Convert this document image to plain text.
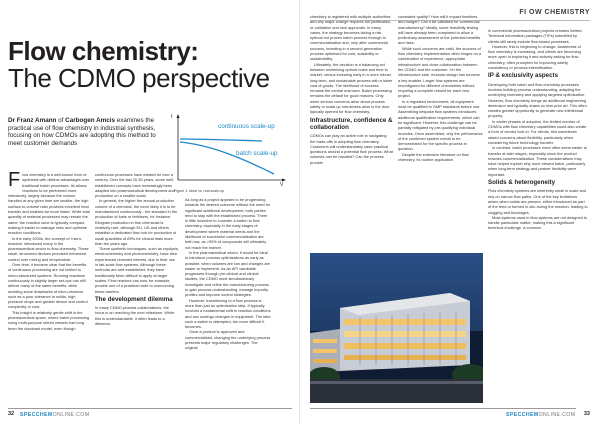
FI OW CHEMISTRY
Flow chemistry:
The CDMO perspective
Dr Franz Amann of Carbogen Amcis examines the practical use of flow chemistry in industrial synthesis, focusing on how CDMOs are adopting this method to meet customer demands
t
V
continuous scale-up
batch scale-up
Figure 1: Ideal vs. real scale-up

Flow chemistry is a well-known form of synthesis with distinct advantages over traditional batch processes. Its allows reactions to be performed more intensively, largely because the volume handled at any given time are smaller, the high surface-to-volume ratio provides excellent heat transfer and enables far more faster. While total quantity of material processed may remain the same, the reaction zone is typically compact, making it easier to manage risks and optimise reaction conditions.

In the early 2000s, the concept of 'micro-reactors' introduced many in the pharmaceutical sector to flow chemistry. These small, structured devices promised enhanced control over mixing and temperature.

Over time, it became clear that the benefits of continuous processing are not limited to micro-structured systems. Running reactions continuously in slightly larger set-ups can still deliver many of the same benefits, while avoiding some drawbacks of micro-reactors such as a poor tolerance to solids, high pressure drops and greater device and control complexity or cost.

This insight is relatively gentle shift in the pharmaceutical space, where batch processing using multi-purpose stirred vessels had long been the dominant model, even though

continuous processes have existed for over a century. Over the last 20-30 years, some well-established concepts have increasingly been adapted into pharmaceutical development and production on a smaller scale.

In general, the higher the annual production volume of a chemical, the more likely it is to be manufactured continuously - the standard in the production of fuels or fertilisers, for instance. Kilogram production in fine chemicals is relatively rare, although EU, US and others establish a dedicated flow hub for production of small quantities of APIs for clinical trials more than ten years ago.

'Some synthetic techniques, such as cryolysis, electrochemistry and photochemistry, have also experienced renewed interest, due to their use in lab-scale flow systems. Although these methods are well established, they have traditionally been difficult to apply at larger scales. Flow reactors can now, for example, provide one of a practical route to overcoming these barriers.

The development dilemma

In many CDMO-pharma collaborations, the focus is on reaching the next milestone. While this is understandable, it often leads to a dilemma.

As long as a project appears to be progressing towards the desired outcome without the need for significant additional development, both parties tend to stay with the established process. There is little incentive to consider a switch to flow chemistry, especially in the early stages of development where material needs and the likelihood of successful commercialisation are both low, as >90% of compounds will ultimately not reach the market.

In the pharmaceutical sector, it would be ideal to introduce process optimisations as early as possible, when volumes are low and changes are easier to implement. As an API candidate progresses through pre-clinical and clinical studies, the CDMO must simultaneously investigate and refine the manufacturing process to gain process understanding, manage impurity profiles and improve control strategies.

However, transitioning to a flow process is more than just an optimisation step. It typically involves a fundamental shift in reaction conditions and can undergo changes in equipment. The later such a switch is attempted, the more difficult it becomes.

Once a product is approved and commercialised, changing the underlying process presents major regulatory challenges. The original

chemistry is registered with multiple authorities and any major change requires full justification, re-validation and new approvals. In many cases, the strategy becomes taking a risk optimal but proven batch process through to commercialisation and, only after commercial success, investing in a second-generation process optimised for cost, scalability or sustainability.

Ultimately, the decision is a balancing act between minimising upfront costs and time to market, versus investing early in a more robust, long-term, and sustainable process with a lower cost of goods. The likelihood of success remains the central unknown. Batch processing remains the default for good reasons. Only when serious concerns arise about process safety or scale-up robustness arise is the door typically opened for flow chemistry.

Infrastructure, confidence & collaboration

CDMOs can play an active role in navigating the trade-offs in adopting flow chemistry. Customers will understandably raise practical questions around a potential flow process: What volumes can be handled? Can the process provide

consistent quality? How will it impact timelines and budget? Can it be validated for commercial manufacturing? Ideally, some feasibility testing will have already been completed to allow a preliminary assessment of the potential benefits and risks.

While such concerns are valid, the success of flow chemistry implementation often hinges on a combination of experience, appropriate infrastructure and close collaboration between the CDMO and the customer. On the infrastructure side, modular design has become a key enabler. Larger flow systems are reconfigured for different chemistries without requiring a complete rebuild for each new project.

In a regulated environment, all equipment must be qualified to GMP standards before use. Assembling bespoke flow systems introduces additional qualification requirements, which can be significant. However, this challenge can be partially mitigated by pre-qualifying individual modules. Once assembled, only the performance of the combined system needs to be demonstrated for the specific process in question.

Despite the extensive literature on flow chemistry, its routine application

in commercial pharmaceutical projects remains limited. Technical information packages (TIPs) submitted by clients still rarely include flow-based processes.

However, this is beginning to change. Awareness of flow chemistry is increasing, and clients are becoming more open to exploring it and actively asking for flow chemistry, often prompted for improving safety, consistency or process intensification.

IP & exclusivity aspects

Developing both batch and flow chemistry processes involves building process understanding, adapting the underlying chemistry and applying targeted optimisation. However, flow chemistry brings an additional engineering dimension and typically draws on less prior art. This often creates greater opportunity to generate new intellectual property.

In earlier phases of adoption, the limited number of CDMOs with flow chemistry capabilities could also create a form of vendor lock-in. For clients, this sometimes raised concerns about flexibility, particularly when considering future technology transfer.

In contrast, batch processes more often seem easier to transfer at later stages, especially since the product reaches commercialisation. These considerations may have helped explain why more viewed batch, particularly when long-term strategy and partner flexibility were important.

Solids & heterogeneity

Flow chemistry systems are inherently small in scale and rely on narrow flow paths. One of the key limitations arises when solids are present, either introduced as part of the feed or formed in situ during the reaction, leading to clogging and blockages.

Most systems used in flow systems are not designed to handle particulate matter, making this a significant technical challenge. A common

32 SPECCHEMONLINE.COM	SPECCHEMONLINE.COM 33
